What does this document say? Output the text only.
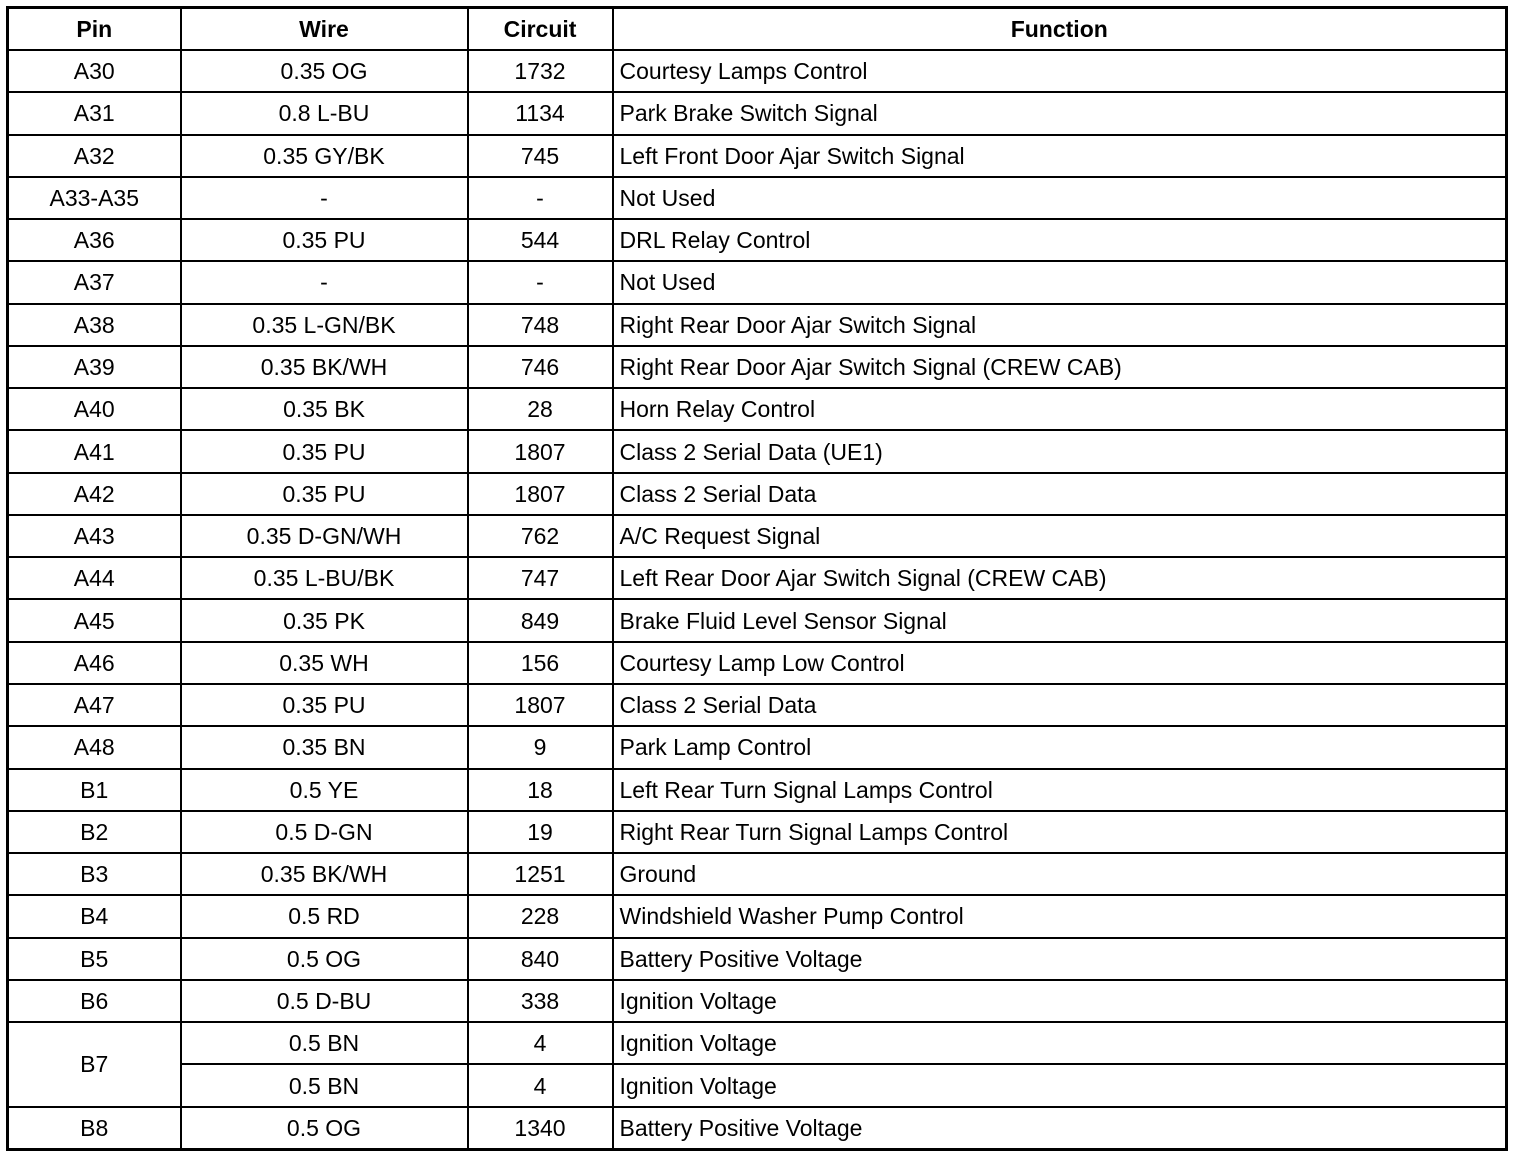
Pin	Wire	Circuit	Function
A30	0.35 OG	1732	Courtesy Lamps Control
A31	0.8 L-BU	1134	Park Brake Switch Signal
A32	0.35 GY/BK	745	Left Front Door Ajar Switch Signal
A33-A35	-	-	Not Used
A36	0.35 PU	544	DRL Relay Control
A37	-	-	Not Used
A38	0.35 L-GN/BK	748	Right Rear Door Ajar Switch Signal
A39	0.35 BK/WH	746	Right Rear Door Ajar Switch Signal (CREW CAB)
A40	0.35 BK	28	Horn Relay Control
A41	0.35 PU	1807	Class 2 Serial Data (UE1)
A42	0.35 PU	1807	Class 2 Serial Data
A43	0.35 D-GN/WH	762	A/C Request Signal
A44	0.35 L-BU/BK	747	Left Rear Door Ajar Switch Signal (CREW CAB)
A45	0.35 PK	849	Brake Fluid Level Sensor Signal
A46	0.35 WH	156	Courtesy Lamp Low Control
A47	0.35 PU	1807	Class 2 Serial Data
A48	0.35 BN	9	Park Lamp Control
B1	0.5 YE	18	Left Rear Turn Signal Lamps Control
B2	0.5 D-GN	19	Right Rear Turn Signal Lamps Control
B3	0.35 BK/WH	1251	Ground
B4	0.5 RD	228	Windshield Washer Pump Control
B5	0.5 OG	840	Battery Positive Voltage
B6	0.5 D-BU	338	Ignition Voltage
B7	0.5 BN	4	Ignition Voltage
	0.5 BN	4	Ignition Voltage
B8	0.5 OG	1340	Battery Positive Voltage
